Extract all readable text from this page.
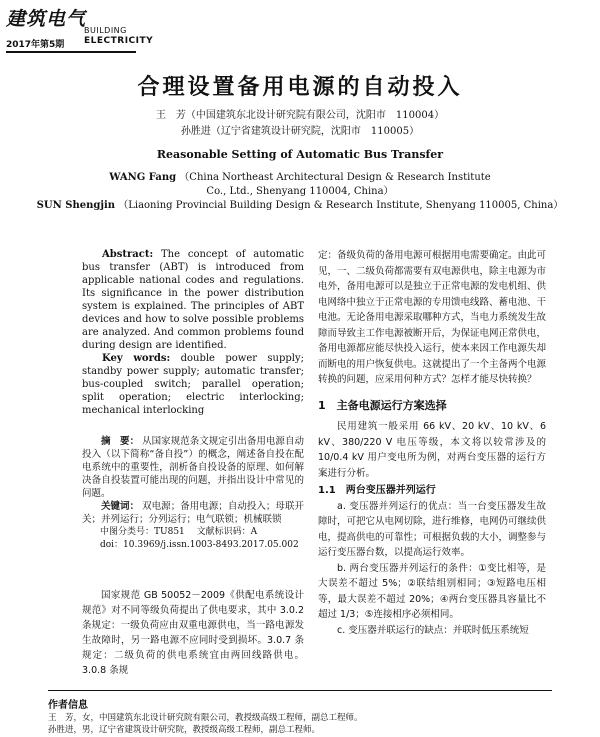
建筑电气
BUILDING
ELECTRICITY
2017年第5期
合理设置备用电源的自动投入
王　芳（中国建筑东北设计研究院有限公司，沈阳市　110004）
孙胜进（辽宁省建筑设计研究院，沈阳市　110005）
Reasonable Setting of Automatic Bus Transfer
WANG Fang （China Northeast Architectural Design & Research Institute
Co., Ltd., Shenyang 110004, China）
SUN Shengjin （Liaoning Provincial Building Design & Research Institute, Shenyang 110005, China）

Abstract: The concept of automatic bus transfer (ABT) is introduced from applicable national codes and regulations. Its significance in the power distribution system is explained. The principles of ABT devices and how to solve possible problems are analyzed. And common problems found during design are identified.

Key words: double power supply; standby power supply; automatic transfer; bus-coupled switch; parallel operation; split operation; electric interlocking; mechanical interlocking

摘　要： 从国家规范条文规定引出备用电源自动投入（以下简称“备自投”）的概念，阐述备自投在配电系统中的重要性，剖析备自投设备的原理、如何解决备自投装置可能出现的问题，并指出设计中常见的问题。

关键词： 双电源；备用电源；自动投入；母联开关；并列运行；分列运行；电气联锁；机械联锁

中图分类号：TU851　 文献标识码：A

doi：10.3969/j.issn.1003-8493.2017.05.002

国家规范 GB 50052－2009《供配电系统设计规范》对不同等级负荷提出了供电要求，其中 3.0.2 条规定：一级负荷应由双重电源供电，当一路电源发生故障时，另一路电源不应同时受到损坏。3.0.7 条规定：二级负荷的供电系统宜由两回线路供电。3.0.8 条规

定：备级负荷的备用电源可根据用电需要确定。由此可见，一、二级负荷都需要有双电源供电，除主电源为市电外，备用电源可以是独立于正常电源的发电机组、供电网络中独立于正常电源的专用馈电线路、蓄电池、干电池。无论备用电源采取哪种方式，当电力系统发生故障而导致主工作电源被断开后，为保证电网正常供电，备用电源都应能尽快投入运行，使本来因工作电源失却而断电的用户恢复供电。这就提出了一个主备两个电源转换的问题，应采用何种方式？怎样才能尽快转换？

1　主备电源运行方案选择

民用建筑一般采用 66 kV、20 kV、10 kV、6 kV、380/220 V 电压等级，本文将以较常涉及的 10/0.4 kV 用户变电所为例，对两台变压器的运行方案进行分析。

1.1　两台变压器并列运行

a. 变压器并列运行的优点：当一台变压器发生故障时，可把它从电网切除，进行维修，电网仍可继续供电，提高供电的可靠性；可根据负载的大小，调整参与运行变压器台数，以提高运行效率。

b. 两台变压器并列运行的条件：①变比相等，是大误差不超过 5%；②联结组别相同；③短路电压相等，最大误差不超过 20%；④两台变压器具容量比不超过 1/3；⑤连接相序必须相同。

c. 变压器并联运行的缺点：并联时低压系统短

作者信息
王　芳，女，中国建筑东北设计研究院有限公司，教授级高级工程师，副总工程师。
孙胜进，男，辽宁省建筑设计研究院，教授级高级工程师，副总工程师。
